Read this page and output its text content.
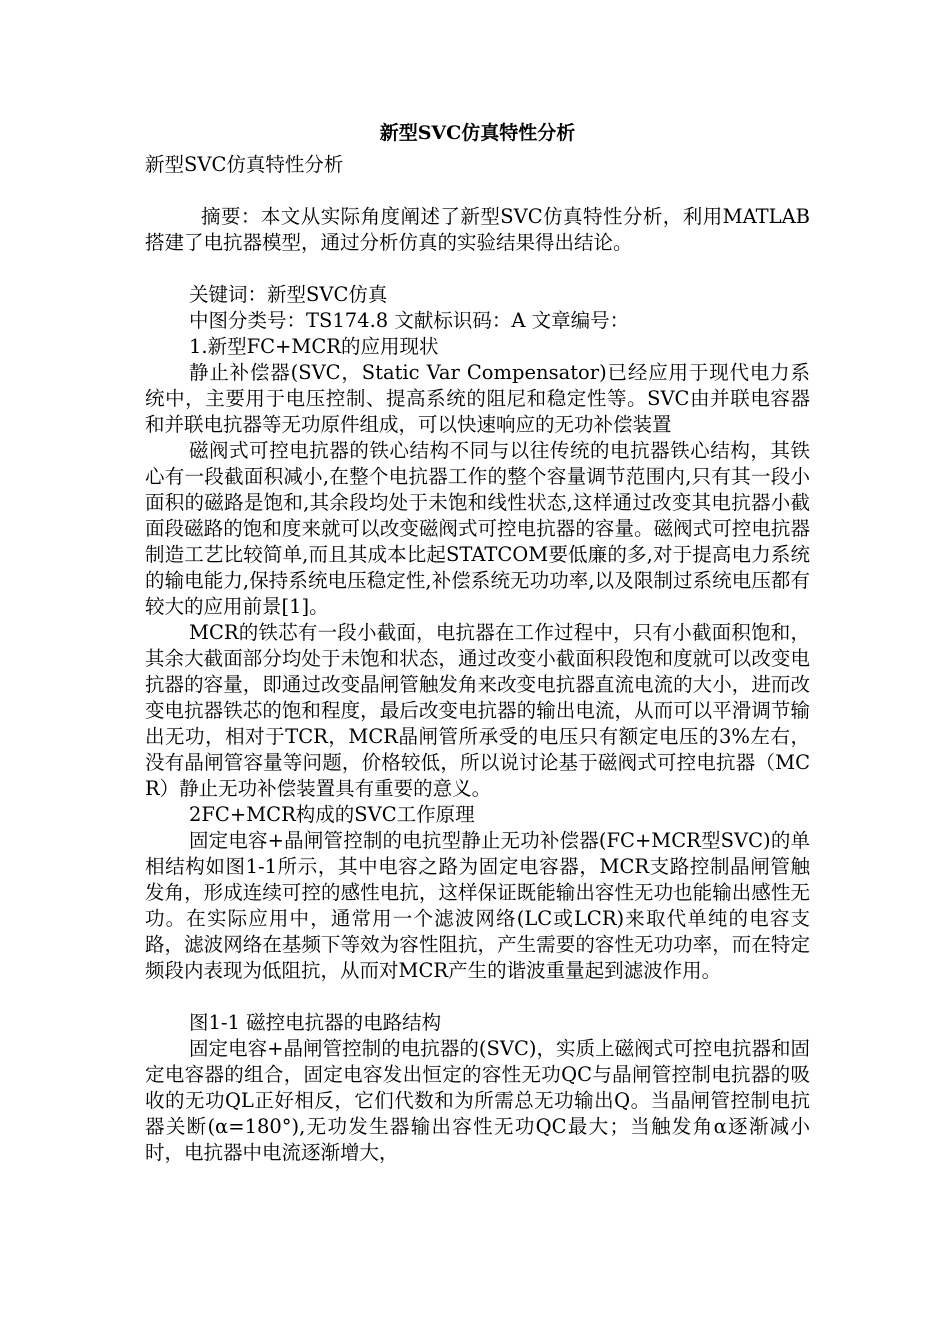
新型SVC仿真特性分析

新型SVC仿真特性分析

摘要：本文从实际角度阐述了新型SVC仿真特性分析，利用MATLAB搭建了电抗器模型，通过分析仿真的实验结果得出结论。

关键词：新型SVC仿真

中图分类号：TS174.8 文献标识码：A 文章编号：

1.新型FC+MCR的应用现状

静止补偿器(SVC，Static Var Compensator)已经应用于现代电力系统中，主要用于电压控制、提高系统的阻尼和稳定性等。SVC由并联电容器和并联电抗器等无功原件组成，可以快速响应的无功补偿装置

磁阀式可控电抗器的铁心结构不同与以往传统的电抗器铁心结构，其铁心有一段截面积减小,在整个电抗器工作的整个容量调节范围内,只有其一段小面积的磁路是饱和,其余段均处于未饱和线性状态,这样通过改变其电抗器小截面段磁路的饱和度来就可以改变磁阀式可控电抗器的容量。磁阀式可控电抗器制造工艺比较简单,而且其成本比起STATCOM要低廉的多,对于提高电力系统的输电能力,保持系统电压稳定性,补偿系统无功功率,以及限制过系统电压都有较大的应用前景[1]。

MCR的铁芯有一段小截面，电抗器在工作过程中，只有小截面积饱和，其余大截面部分均处于未饱和状态，通过改变小截面积段饱和度就可以改变电抗器的容量，即通过改变晶闸管触发角来改变电抗器直流电流的大小，进而改变电抗器铁芯的饱和程度，最后改变电抗器的输出电流，从而可以平滑调节输出无功，相对于TCR，MCR晶闸管所承受的电压只有额定电压的3%左右，没有晶闸管容量等问题，价格较低，所以说讨论基于磁阀式可控电抗器（MCR）静止无功补偿装置具有重要的意义。

2FC+MCR构成的SVC工作原理

固定电容+晶闸管控制的电抗型静止无功补偿器(FC+MCR型SVC)的单相结构如图1-1所示，其中电容之路为固定电容器，MCR支路控制晶闸管触发角，形成连续可控的感性电抗，这样保证既能输出容性无功也能输出感性无功。在实际应用中，通常用一个滤波网络(LC或LCR)来取代单纯的电容支路，滤波网络在基频下等效为容性阻抗，产生需要的容性无功功率，而在特定频段内表现为低阻抗，从而对MCR产生的谐波重量起到滤波作用。

图1-1 磁控电抗器的电路结构

固定电容+晶闸管控制的电抗器的(SVC)，实质上磁阀式可控电抗器和固定电容器的组合，固定电容发出恒定的容性无功QC与晶闸管控制电抗器的吸收的无功QL正好相反，它们代数和为所需总无功输出Q。当晶闸管控制电抗器关断(α=180°),无功发生器输出容性无功QC最大；当触发角α逐渐减小时，电抗器中电流逐渐增大，
